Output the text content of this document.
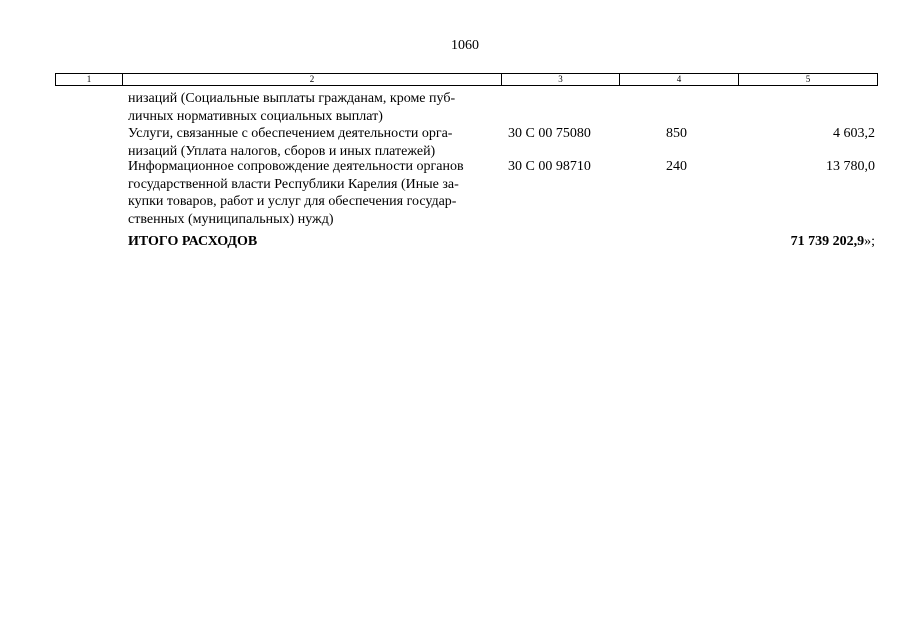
1060
1	2	3	4	5
низаций (Социальные выплаты гражданам, кроме пуб-
личных нормативных социальных выплат)
Услуги, связанные с обеспечением деятельности орга-
низаций (Уплата налогов, сборов и иных платежей)
30 С 00 75080	850	4 603,2
Информационное сопровождение деятельности органов
государственной власти Республики Карелия (Иные за-
купки товаров, работ и услуг для обеспечения государ-
ственных (муниципальных) нужд)
30 С 00 98710	240	13 780,0
ИТОГО РАСХОДОВ	71 739 202,9»;
